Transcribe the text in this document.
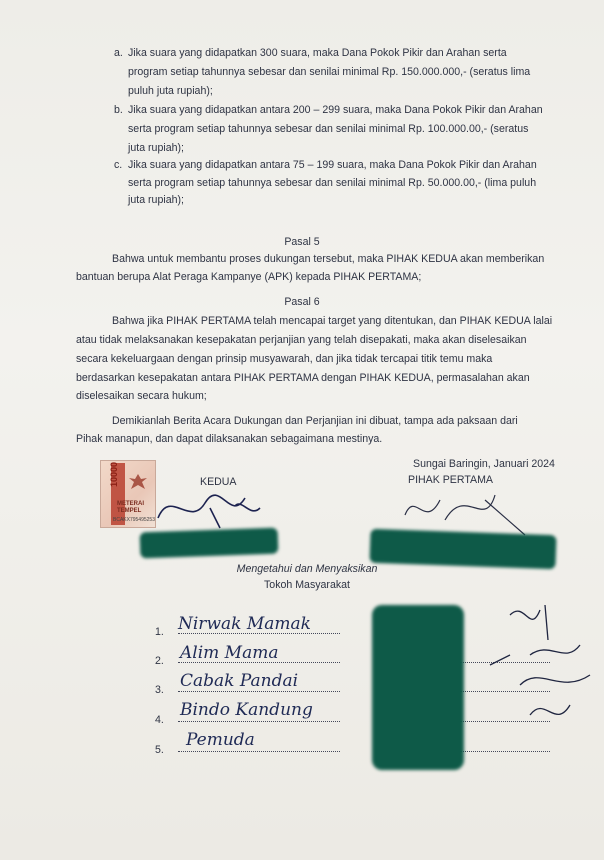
a. Jika suara yang didapatkan 300 suara, maka Dana Pokok Pikir dan Arahan serta
program setiap tahunnya sebesar dan senilai minimal Rp. 150.000.000,- (seratus lima
puluh juta rupiah);
b. Jika suara yang didapatkan antara 200 – 299 suara, maka Dana Pokok Pikir dan Arahan
serta program setiap tahunnya sebesar dan senilai minimal Rp. 100.000.00,- (seratus
juta rupiah);
c. Jika suara yang didapatkan antara 75 – 199 suara, maka Dana Pokok Pikir dan Arahan
serta program setiap tahunnya sebesar dan senilai minimal Rp. 50.000.00,- (lima puluh
juta rupiah);
Pasal 5
Bahwa untuk membantu proses dukungan tersebut, maka PIHAK KEDUA akan memberikan
bantuan berupa Alat Peraga Kampanye (APK) kepada PIHAK PERTAMA;
Pasal 6
Bahwa jika PIHAK PERTAMA telah mencapai target yang ditentukan, dan PIHAK KEDUA lalai
atau tidak melaksanakan kesepakatan perjanjian yang telah disepakati, maka akan diselesaikan
secara kekeluargaan dengan prinsip musyawarah, dan jika tidak tercapai titik temu maka
berdasarkan kesepakatan antara PIHAK PERTAMA dengan PIHAK KEDUA, permasalahan akan
diselesaikan secara hukum;
Demikianlah Berita Acara Dukungan dan Perjanjian ini dibuat, tampa ada paksaan dari
Pihak manapun, dan dapat dilaksanakan sebagaimana mestinya.
Sungai Baringin, Januari 2024
KEDUA	PIHAK PERTAMA
10000
METERAI TEMPEL
BCAKX795495253
Mengetahui dan Menyaksikan
Tokoh Masyarakat
1. Nirwak Mamak
2. Alim Mama
3. Cabak Pandai
4. Bindo Kandung
5. Pemuda
